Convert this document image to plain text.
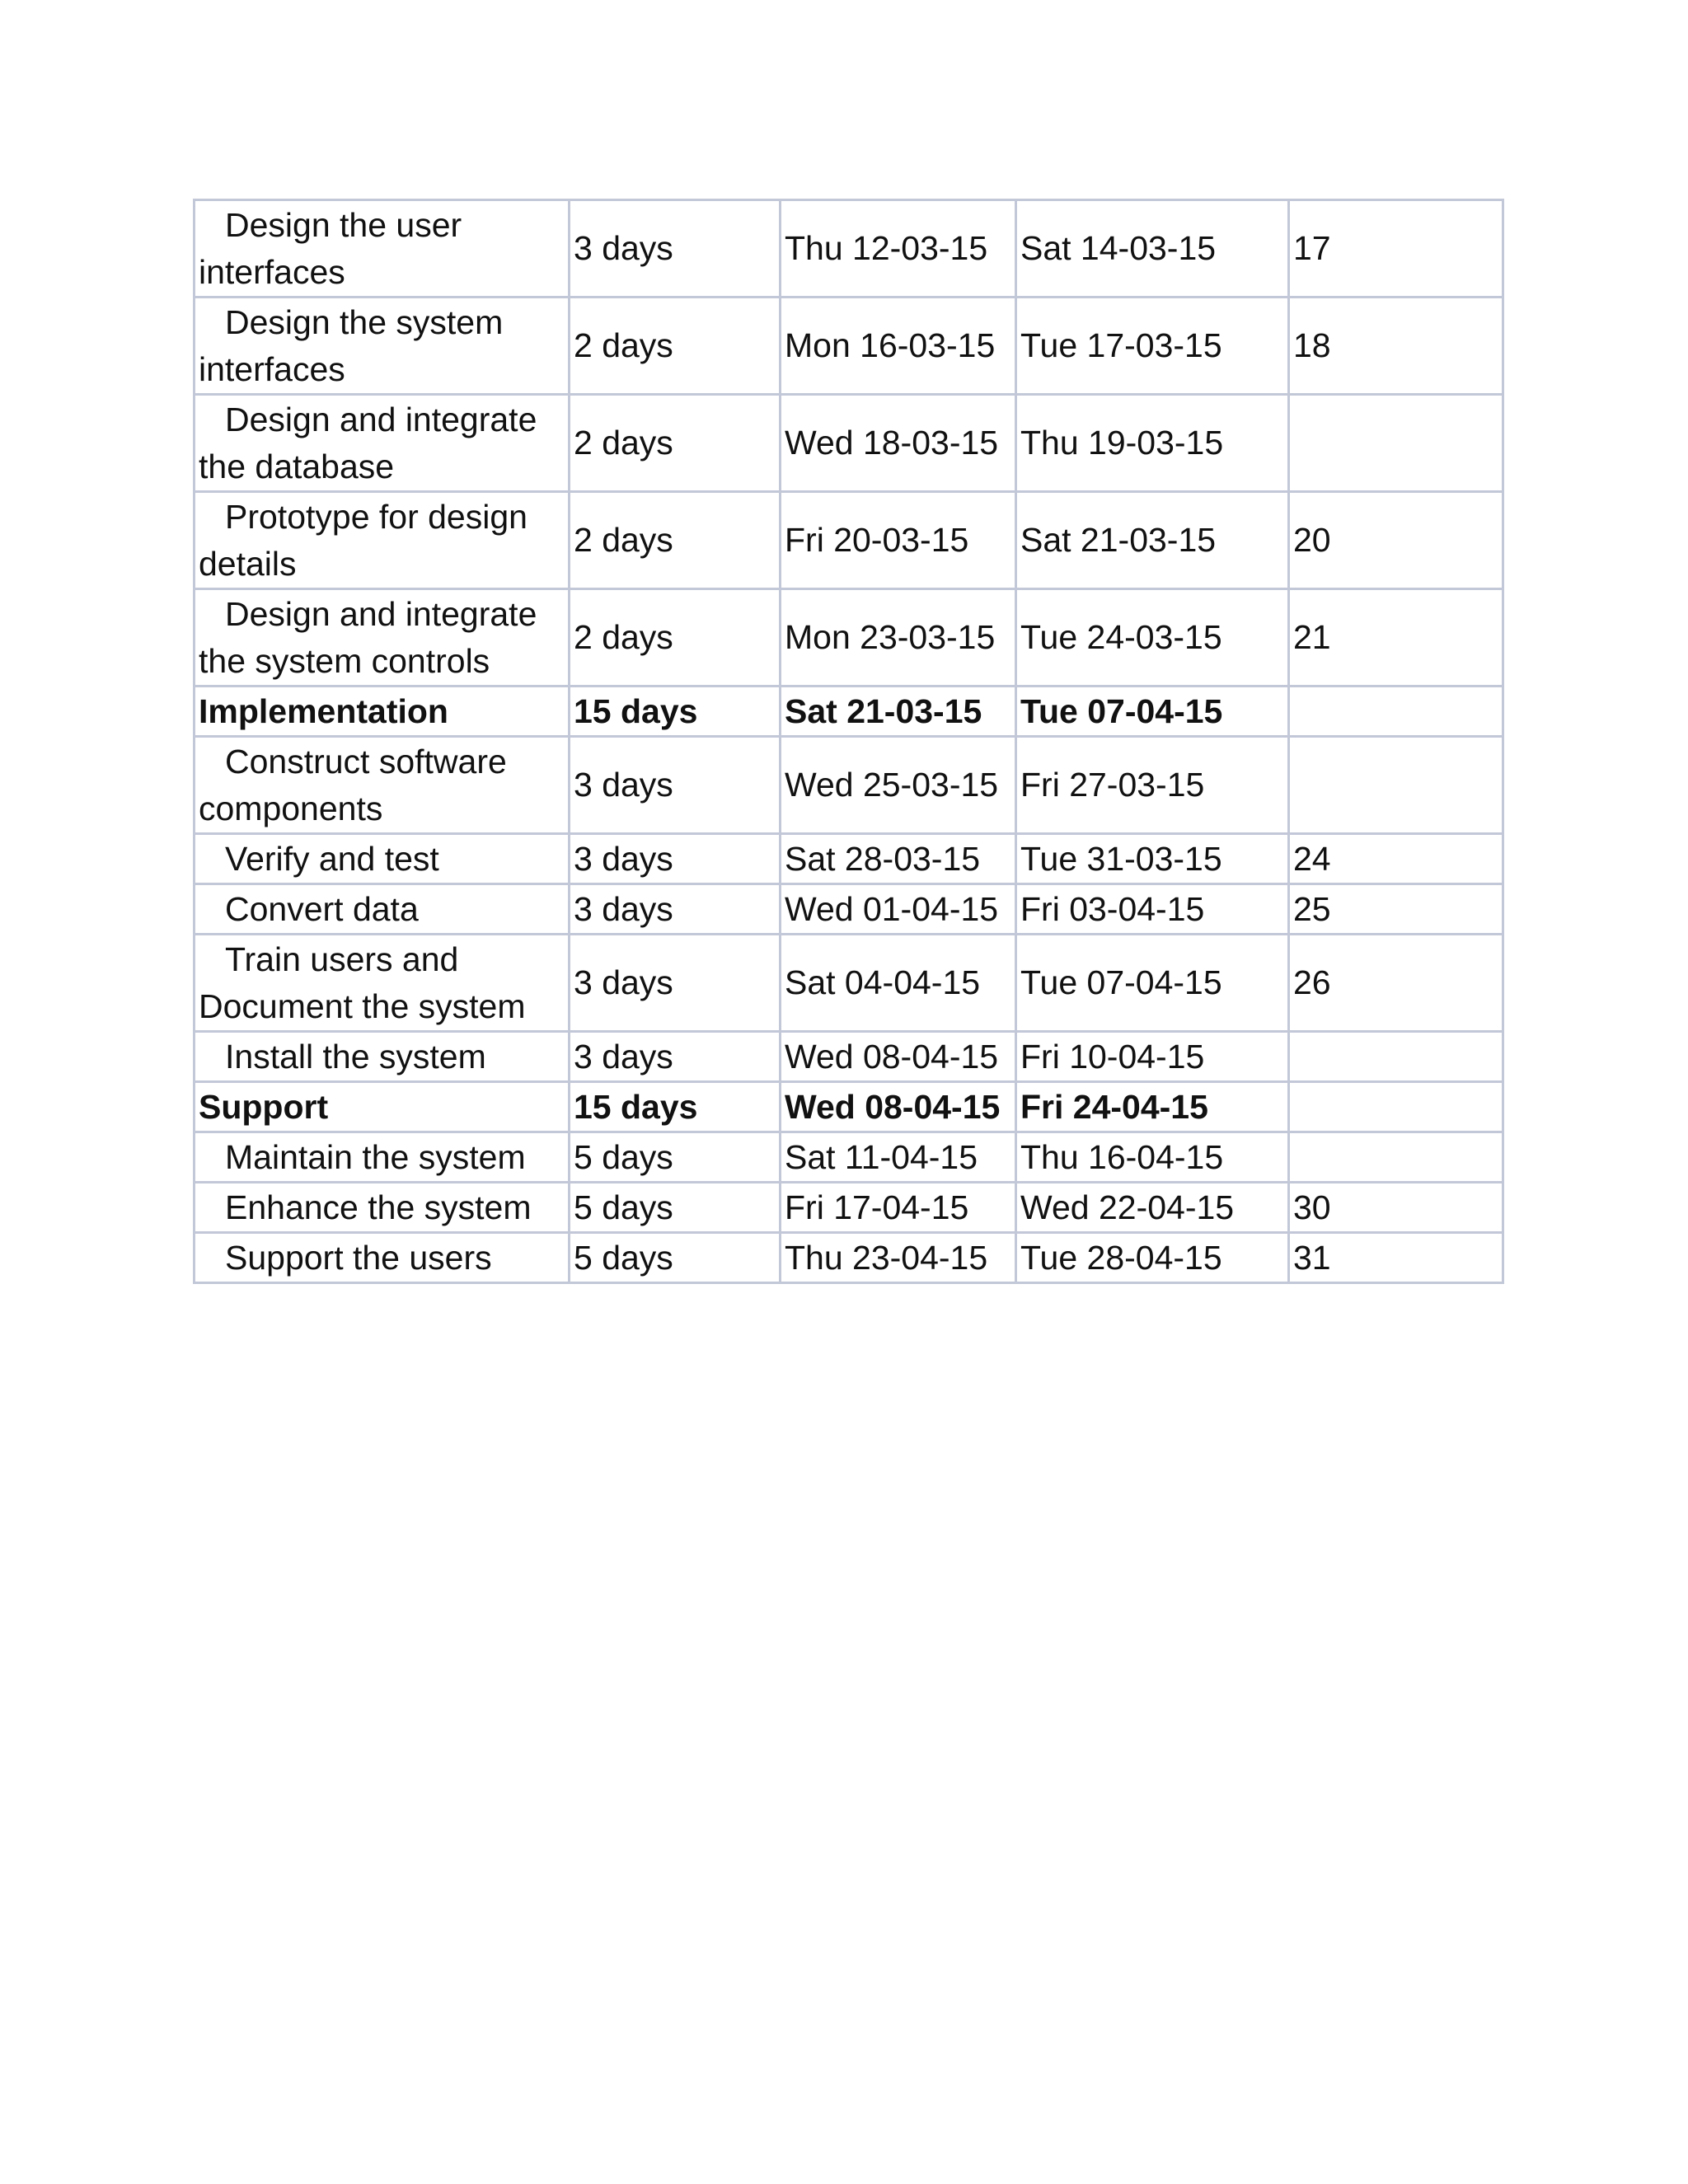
Design the user interfaces	3 days	Thu 12-03-15	Sat 14-03-15	17
Design the system interfaces	2 days	Mon 16-03-15	Tue 17-03-15	18
Design and integrate the database	2 days	Wed 18-03-15	Thu 19-03-15	
Prototype for design details	2 days	Fri 20-03-15	Sat 21-03-15	20
Design and integrate the system controls	2 days	Mon 23-03-15	Tue 24-03-15	21
Implementation	15 days	Sat 21-03-15	Tue 07-04-15	
Construct software components	3 days	Wed 25-03-15	Fri 27-03-15	
Verify and test	3 days	Sat 28-03-15	Tue 31-03-15	24
Convert data	3 days	Wed 01-04-15	Fri 03-04-15	25
Train users and Document the system	3 days	Sat 04-04-15	Tue 07-04-15	26
Install the system	3 days	Wed 08-04-15	Fri 10-04-15	
Support	15 days	Wed 08-04-15	Fri 24-04-15	
Maintain the system	5 days	Sat 11-04-15	Thu 16-04-15	
Enhance the system	5 days	Fri 17-04-15	Wed 22-04-15	30
Support the users	5 days	Thu 23-04-15	Tue 28-04-15	31
